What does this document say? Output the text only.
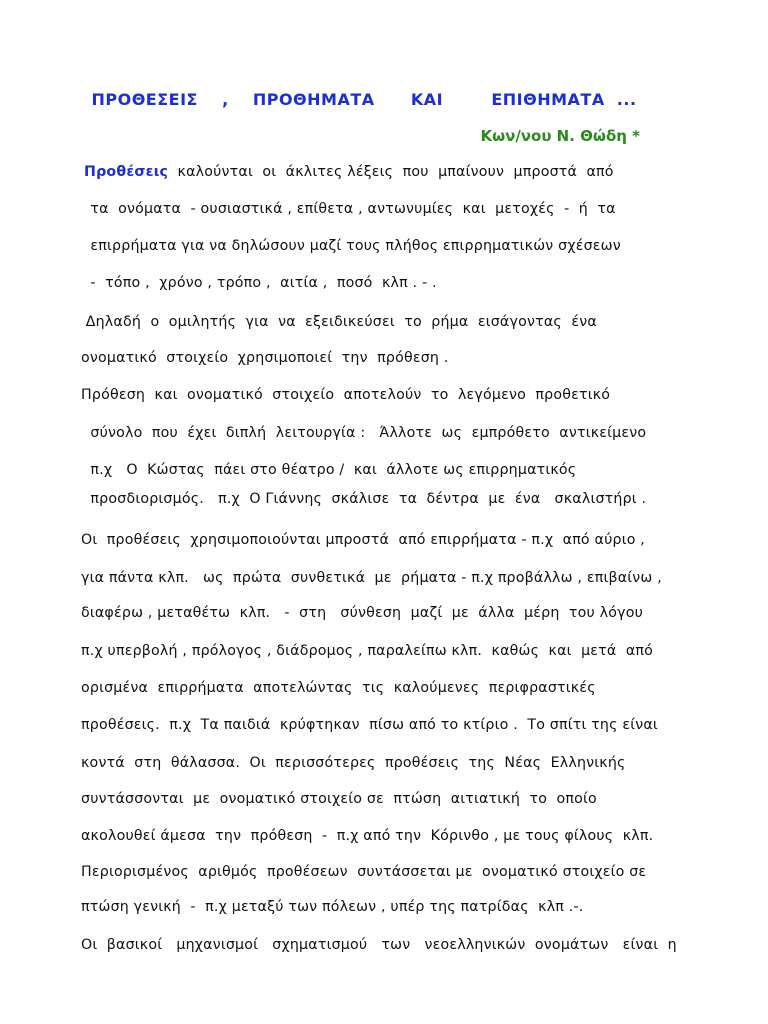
ΠΡΟΘΕΣΕΙΣ  ,  ΠΡΟΘΗΜΑΤΑ   ΚΑΙ    ΕΠΙΘΗΜΑΤΑ ...
Κων/νου Ν. Θώδη *
Προθέσεις  καλούνται  οι  άκλιτες λέξεις  που  μπαίνουν  μπροστά  από
τα  ονόματα  - ουσιαστικά , επίθετα , αντωνυμίες  και  μετοχές  -  ή  τα
επιρρήματα για να δηλώσουν μαζί τους πλήθος επιρρηματικών σχέσεων
-  τόπο ,  χρόνο , τρόπο ,  αιτία ,  ποσό  κλπ . - .
Δηλαδή  ο  ομιλητής  για  να  εξειδικεύσει  το  ρήμα  εισάγοντας  ένα
ονοματικό  στοιχείο  χρησιμοποιεί  την  πρόθεση .
Πρόθεση  και  ονοματικό  στοιχείο  αποτελούν  το  λεγόμενο  προθετικό
σύνολο  που  έχει  διπλή  λειτουργία :   Άλλοτε  ως  εμπρόθετο  αντικείμενο
π.χ   Ο  Κώστας  πάει στο θέατρο /  και  άλλοτε ως επιρρηματικός
προσδιορισμός.   π.χ  Ο Γιάννης  σκάλισε  τα  δέντρα  με  ένα   σκαλιστήρι .
Οι  προθέσεις  χρησιμοποιούνται μπροστά  από επιρρήματα - π.χ  από αύριο ,
για πάντα κλπ.   ως  πρώτα  συνθετικά  με  ρήματα - π.χ προβάλλω , επιβαίνω ,
διαφέρω , μεταθέτω  κλπ.   -  στη   σύνθεση  μαζί  με  άλλα  μέρη  του λόγου
π.χ υπερβολή , πρόλογος , διάδρομος , παραλείπω κλπ.  καθώς  και  μετά  από
ορισμένα  επιρρήματα  αποτελώντας  τις  καλούμενες  περιφραστικές
προθέσεις.  π.χ  Τα παιδιά  κρύφτηκαν  πίσω από το κτίριο .  Το σπίτι της είναι
κοντά  στη  θάλασσα.  Οι  περισσότερες  προθέσεις  της  Νέας  Ελληνικής
συντάσσονται  με  ονοματικό στοιχείο σε  πτώση  αιτιατική  το  οποίο
ακολουθεί άμεσα  την  πρόθεση  -  π.χ από την  Κόρινθο , με τους φίλους  κλπ.
Περιορισμένος  αριθμός  προθέσεων  συντάσσεται με  ονοματικό στοιχείο σε
πτώση γενική  -  π.χ μεταξύ των πόλεων , υπέρ της πατρίδας  κλπ .-.
Οι  βασικοί   μηχανισμοί   σχηματισμού   των   νεοελληνικών  ονομάτων   είναι  η
